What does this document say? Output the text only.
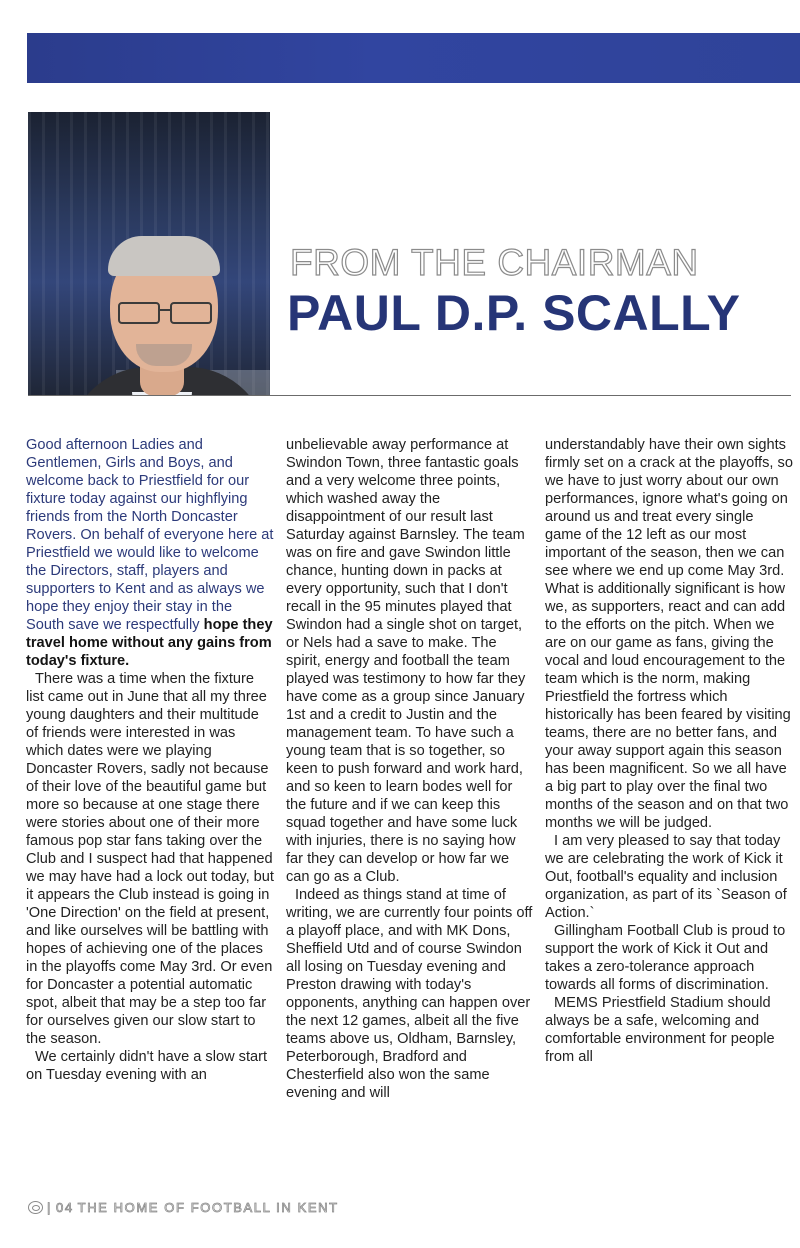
FROM THE CHAIRMAN
PAUL D.P. SCALLY

Good afternoon Ladies and Gentlemen, Girls and Boys, and welcome back to Priestfield for our fixture today against our highflying friends from the North Doncaster Rovers. On behalf of everyone here at Priestfield we would like to welcome the Directors, staff, players and supporters to Kent and as always we hope they enjoy their stay in the South save we respectfully hope they travel home without any gains from today's fixture.

There was a time when the fixture list came out in June that all my three young daughters and their multitude of friends were interested in was which dates were we playing Doncaster Rovers, sadly not because of their love of the beautiful game but more so because at one stage there were stories about one of their more famous pop star fans taking over the Club and I suspect had that happened we may have had a lock out today, but it appears the Club instead is going in 'One Direction' on the field at present, and like ourselves will be battling with hopes of achieving one of the places in the playoffs come May 3rd. Or even for Doncaster a potential automatic spot, albeit that may be a step too far for ourselves given our slow start to the season.

We certainly didn't have a slow start on Tuesday evening with an

unbelievable away performance at Swindon Town, three fantastic goals and a very welcome three points, which washed away the disappointment of our result last Saturday against Barnsley. The team was on fire and gave Swindon little chance, hunting down in packs at every opportunity, such that I don't recall in the 95 minutes played that Swindon had a single shot on target, or Nels had a save to make. The spirit, energy and football the team played was testimony to how far they have come as a group since January 1st and a credit to Justin and the management team. To have such a young team that is so together, so keen to push forward and work hard, and so keen to learn bodes well for the future and if we can keep this squad together and have some luck with injuries, there is no saying how far they can develop or how far we can go as a Club.

Indeed as things stand at time of writing, we are currently four points off a playoff place, and with MK Dons, Sheffield Utd and of course Swindon all losing on Tuesday evening and Preston drawing with today's opponents, anything can happen over the next 12 games, albeit all the five teams above us, Oldham, Barnsley, Peterborough, Bradford and Chesterfield also won the same evening and will

understandably have their own sights firmly set on a crack at the playoffs, so we have to just worry about our own performances, ignore what's going on around us and treat every single game of the 12 left as our most important of the season, then we can see where we end up come May 3rd. What is additionally significant is how we, as supporters, react and can add to the efforts on the pitch. When we are on our game as fans, giving the vocal and loud encouragement to the team which is the norm, making Priestfield the fortress which historically has been feared by visiting teams, there are no better fans, and your away support again this season has been magnificent. So we all have a big part to play over the final two months of the season and on that two months we will be judged.

I am very pleased to say that today we are celebrating the work of Kick it Out, football's equality and inclusion organization, as part of its `Season of Action.`

Gillingham Football Club is proud to support the work of Kick it Out and takes a zero-tolerance approach towards all forms of discrimination.

MEMS Priestfield Stadium should always be a safe, welcoming and comfortable environment for people from all

| 04 THE HOME OF FOOTBALL IN KENT
